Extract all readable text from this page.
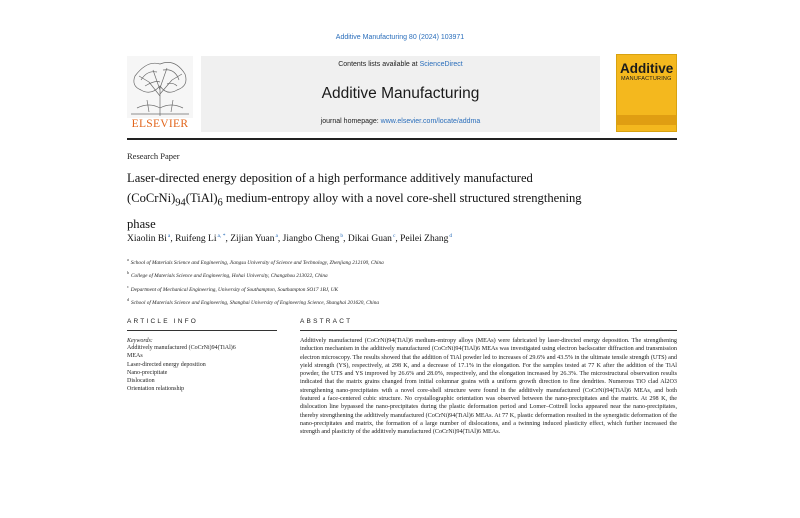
Additive Manufacturing 80 (2024) 103971
ELSEVIER
Contents lists available at ScienceDirect
Additive Manufacturing
journal homepage: www.elsevier.com/locate/addma
Additive
MANUFACTURING
Research Paper
Laser-directed energy deposition of a high performance additively manufactured $(CoCrNi)_{94}(TiAl)_6$ medium-entropy alloy with a novel core-shell structured strengthening phase
Xiaolin Bi$^a$, Ruifeng $Li^{a, *}$, Zijian Yuan$^a$, Jiangbo Cheng$^b$, Dikai Guan$^c$, Peilei Zhang$^d$
$^a$School of Materials Science and Engineering, Jiangsu University of Science and Technology, Zhenjiang 212100, China
$^b$College of Materials Science and Engineering, Hohai University, Changzhou 213022, China
$^c$Department of Mechanical Engineering, University of Southampton, Southampton SO17 1BJ, UK
$^d$School of Materials Science and Engineering, Shanghai University of Engineering Science, Shanghai 201620, China
ARTICLE INFO	ABSTRACT
Keywords:
Additively manufactured (CoCrNi)94(TiAl)6
MEAs
Laser-directed energy deposition
Nano-precipitate
Dislocation
Orientation relationship
Additively manufactured (CoCrNi)94(TiAl)6 medium-entropy alloys (MEAs) were fabricated by laser-directed energy deposition. The strengthening induction mechanism in the additively manufactured (CoCrNi)94(TiAl)6 MEAs was investigated using electron backscatter diffraction and transmission electron microscopy. The results showed that the addition of TiAl powder led to increases of 29.6% and 43.5% in the ultimate tensile strength (UTS) and yield strength (YS), respectively, at 298 K, and a decrease of 17.1% in the elongation. For the samples tested at 77 K after the addition of the TiAl powder, the UTS and YS improved by 26.6% and 28.0%, respectively, and the elongation increased by 26.3%. The microstructural observation results indicated that the matrix grains changed from initial columnar grains with a uniform growth direction to fine dendrites. Numerous TiO clad Al2O3 strengthening nano-precipitates with a novel core-shell structure were found in the additively manufactured (CoCrNi)94(TiAl)6 MEAs, and both featured a face-centered cubic structure. No crystallographic orientation was observed between the nano-precipitates and the matrix. At 298 K, the dislocation line bypassed the nano-precipitates during the plastic deformation period and Lomer–Cottrell locks appeared near the nano-precipitates, thereby strengthening the additively manufactured (CoCrNi)94(TiAl)6 MEAs. At 77 K, plastic deformation resulted in the synergistic deformation of the nano-precipitates and matrix, the formation of a large number of dislocations, and a twinning induced plasticity effect, which further increased the strength and plasticity of the additively manufactured (CoCrNi)94(TiAl)6 MEAs.
